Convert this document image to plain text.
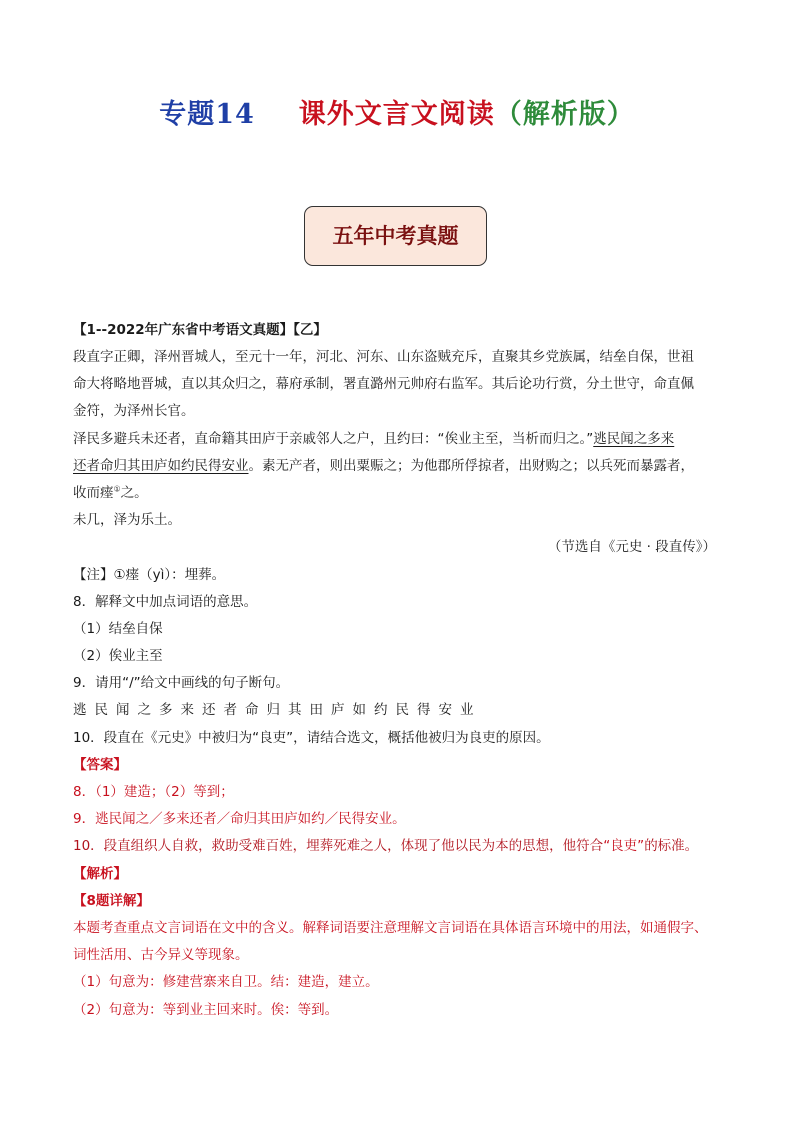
专题14 课外文言文阅读（解析版）
五年中考真题
【1--2022年广东省中考语文真题】【乙】
段直字正卿，泽州晋城人，至元十一年，河北、河东、山东盗贼充斥，直聚其乡党族属，结垒自保，世祖
命大将略地晋城，直以其众归之，幕府承制，署直潞州元帅府右监军。其后论功行赏，分土世守，命直佩
金符，为泽州长官。
泽民多避兵未还者，直命籍其田庐于亲戚邻人之户，且约曰：“俟业主至，当析而归之。”逃民闻之多来
还者命归其田庐如约民得安业。素无产者，则出粟赈之；为他郡所俘掠者，出财购之；以兵死而暴露者，
收而瘗①之。
未几，泽为乐土。
（节选自《元史 · 段直传》）
【注】①瘗（yì）：埋葬。
8．解释文中加点词语的意思。
（1）结垒自保
（2）俟业主至
9．请用“/”给文中画线的句子断句。
逃民闻之多来还者命归其田庐如约民得安业
10．段直在《元史》中被归为“良吏”，请结合选文，概括他被归为良吏的原因。
【答案】
8．（1）建造；（2）等到；
9．逃民闻之／多来还者／命归其田庐如约／民得安业。
10．段直组织人自救，救助受难百姓，埋葬死难之人，体现了他以民为本的思想，他符合“良吏”的标准。
【解析】
【8题详解】
本题考查重点文言词语在文中的含义。解释词语要注意理解文言词语在具体语言环境中的用法，如通假字、
词性活用、古今异义等现象。
（1）句意为：修建营寨来自卫。结：建造，建立。
（2）句意为：等到业主回来时。俟：等到。
